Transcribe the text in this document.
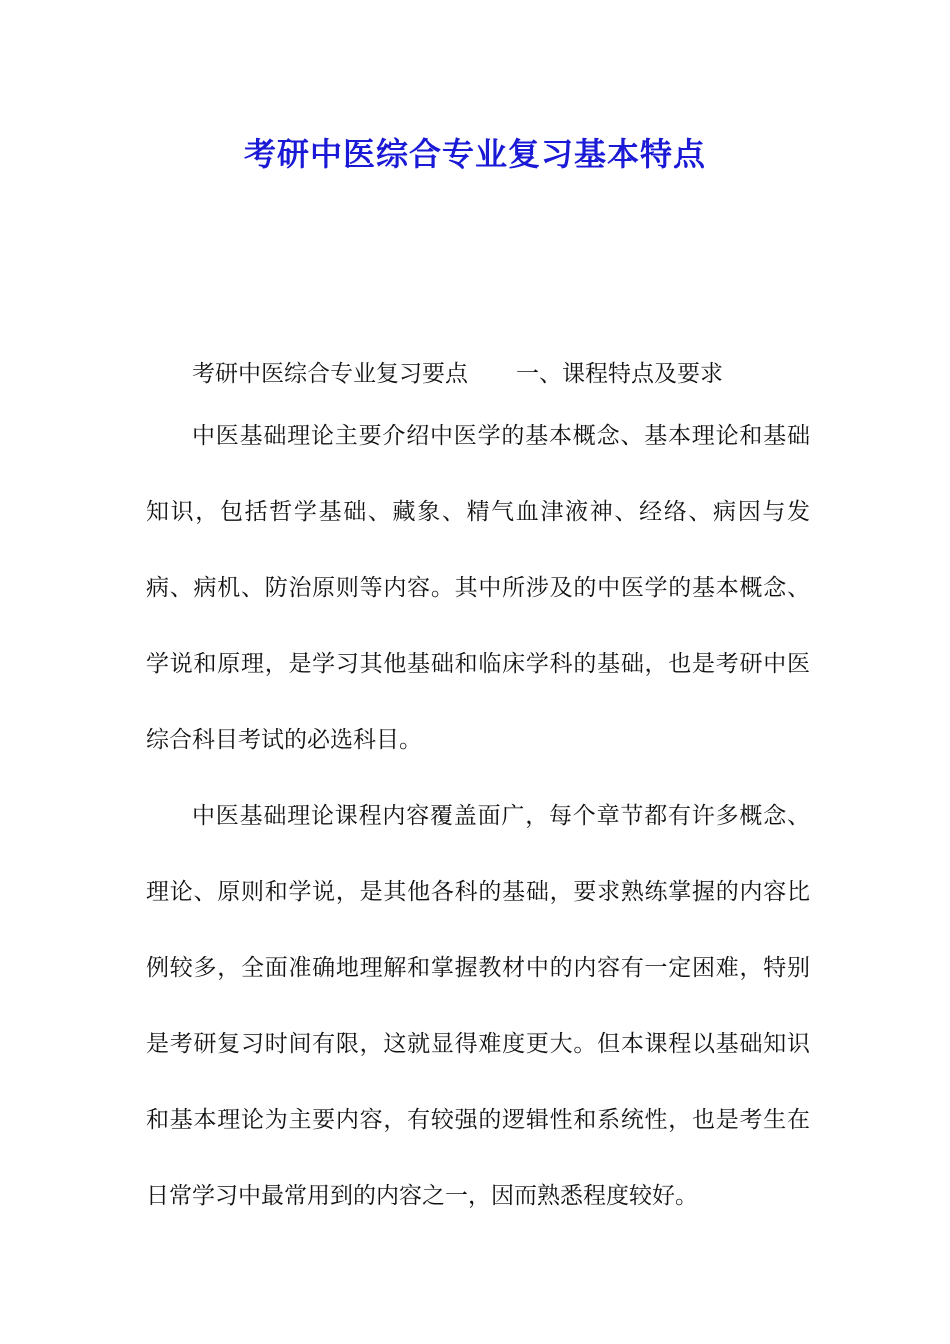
考研中医综合专业复习基本特点

考研中医综合专业复习要点 一、课程特点及要求

中医基础理论主要介绍中医学的基本概念、基本理论和基础知识，包括哲学基础、藏象、精气血津液神、经络、病因与发病、病机、防治原则等内容。其中所涉及的中医学的基本概念、学说和原理，是学习其他基础和临床学科的基础，也是考研中医综合科目考试的必选科目。

中医基础理论课程内容覆盖面广，每个章节都有许多概念、理论、原则和学说，是其他各科的基础，要求熟练掌握的内容比例较多，全面准确地理解和掌握教材中的内容有一定困难，特别是考研复习时间有限，这就显得难度更大。但本课程以基础知识和基本理论为主要内容，有较强的逻辑性和系统性，也是考生在日常学习中最常用到的内容之一，因而熟悉程度较好。
